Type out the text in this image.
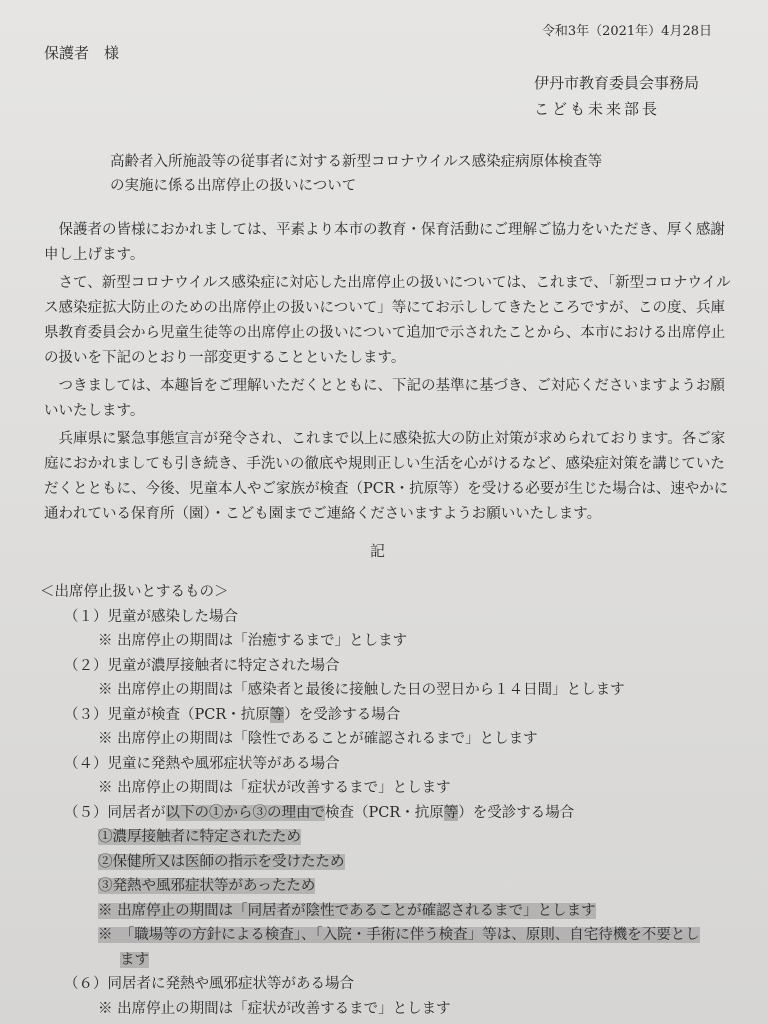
令和3年（2021年）4月28日
保護者　様
伊丹市教育委員会事務局
こども未来部長
高齢者入所施設等の従事者に対する新型コロナウイルス感染症病原体検査等
の実施に係る出席停止の扱いについて

保護者の皆様におかれましては、平素より本市の教育・保育活動にご理解ご協力をいただき、厚く感謝申し上げます。

さて、新型コロナウイルス感染症に対応した出席停止の扱いについては、これまで、「新型コロナウイルス感染症拡大防止のための出席停止の扱いについて」等にてお示ししてきたところですが、この度、兵庫県教育委員会から児童生徒等の出席停止の扱いについて追加で示されたことから、本市における出席停止の扱いを下記のとおり一部変更することといたします。

つきましては、本趣旨をご理解いただくとともに、下記の基準に基づき、ご対応くださいますようお願いいたします。

兵庫県に緊急事態宣言が発令され、これまで以上に感染拡大の防止対策が求められております。各ご家庭におかれましても引き続き、手洗いの徹底や規則正しい生活を心がけるなど、感染症対策を講じていただくとともに、今後、児童本人やご家族が検査（PCR・抗原等）を受ける必要が生じた場合は、速やかに通われている保育所（園）・こども園までご連絡くださいますようお願いいたします。

記
＜出席停止扱いとするもの＞
（１）児童が感染した場合
※ 出席停止の期間は「治癒するまで」とします
（２）児童が濃厚接触者に特定された場合
※ 出席停止の期間は「感染者と最後に接触した日の翌日から１４日間」とします
（３）児童が検査（PCR・抗原等）を受診する場合
※ 出席停止の期間は「陰性であることが確認されるまで」とします
（４）児童に発熱や風邪症状等がある場合
※ 出席停止の期間は「症状が改善するまで」とします
（５）同居者が以下の①から③の理由で検査（PCR・抗原等）を受診する場合
①濃厚接触者に特定されたため
②保健所又は医師の指示を受けたため
③発熱や風邪症状等があったため
※ 出席停止の期間は「同居者が陰性であることが確認されるまで」とします
※　「職場等の方針による検査」、「入院・手術に伴う検査」等は、原則、自宅待機を不要とし
ます
（６）同居者に発熱や風邪症状等がある場合
※ 出席停止の期間は「症状が改善するまで」とします
